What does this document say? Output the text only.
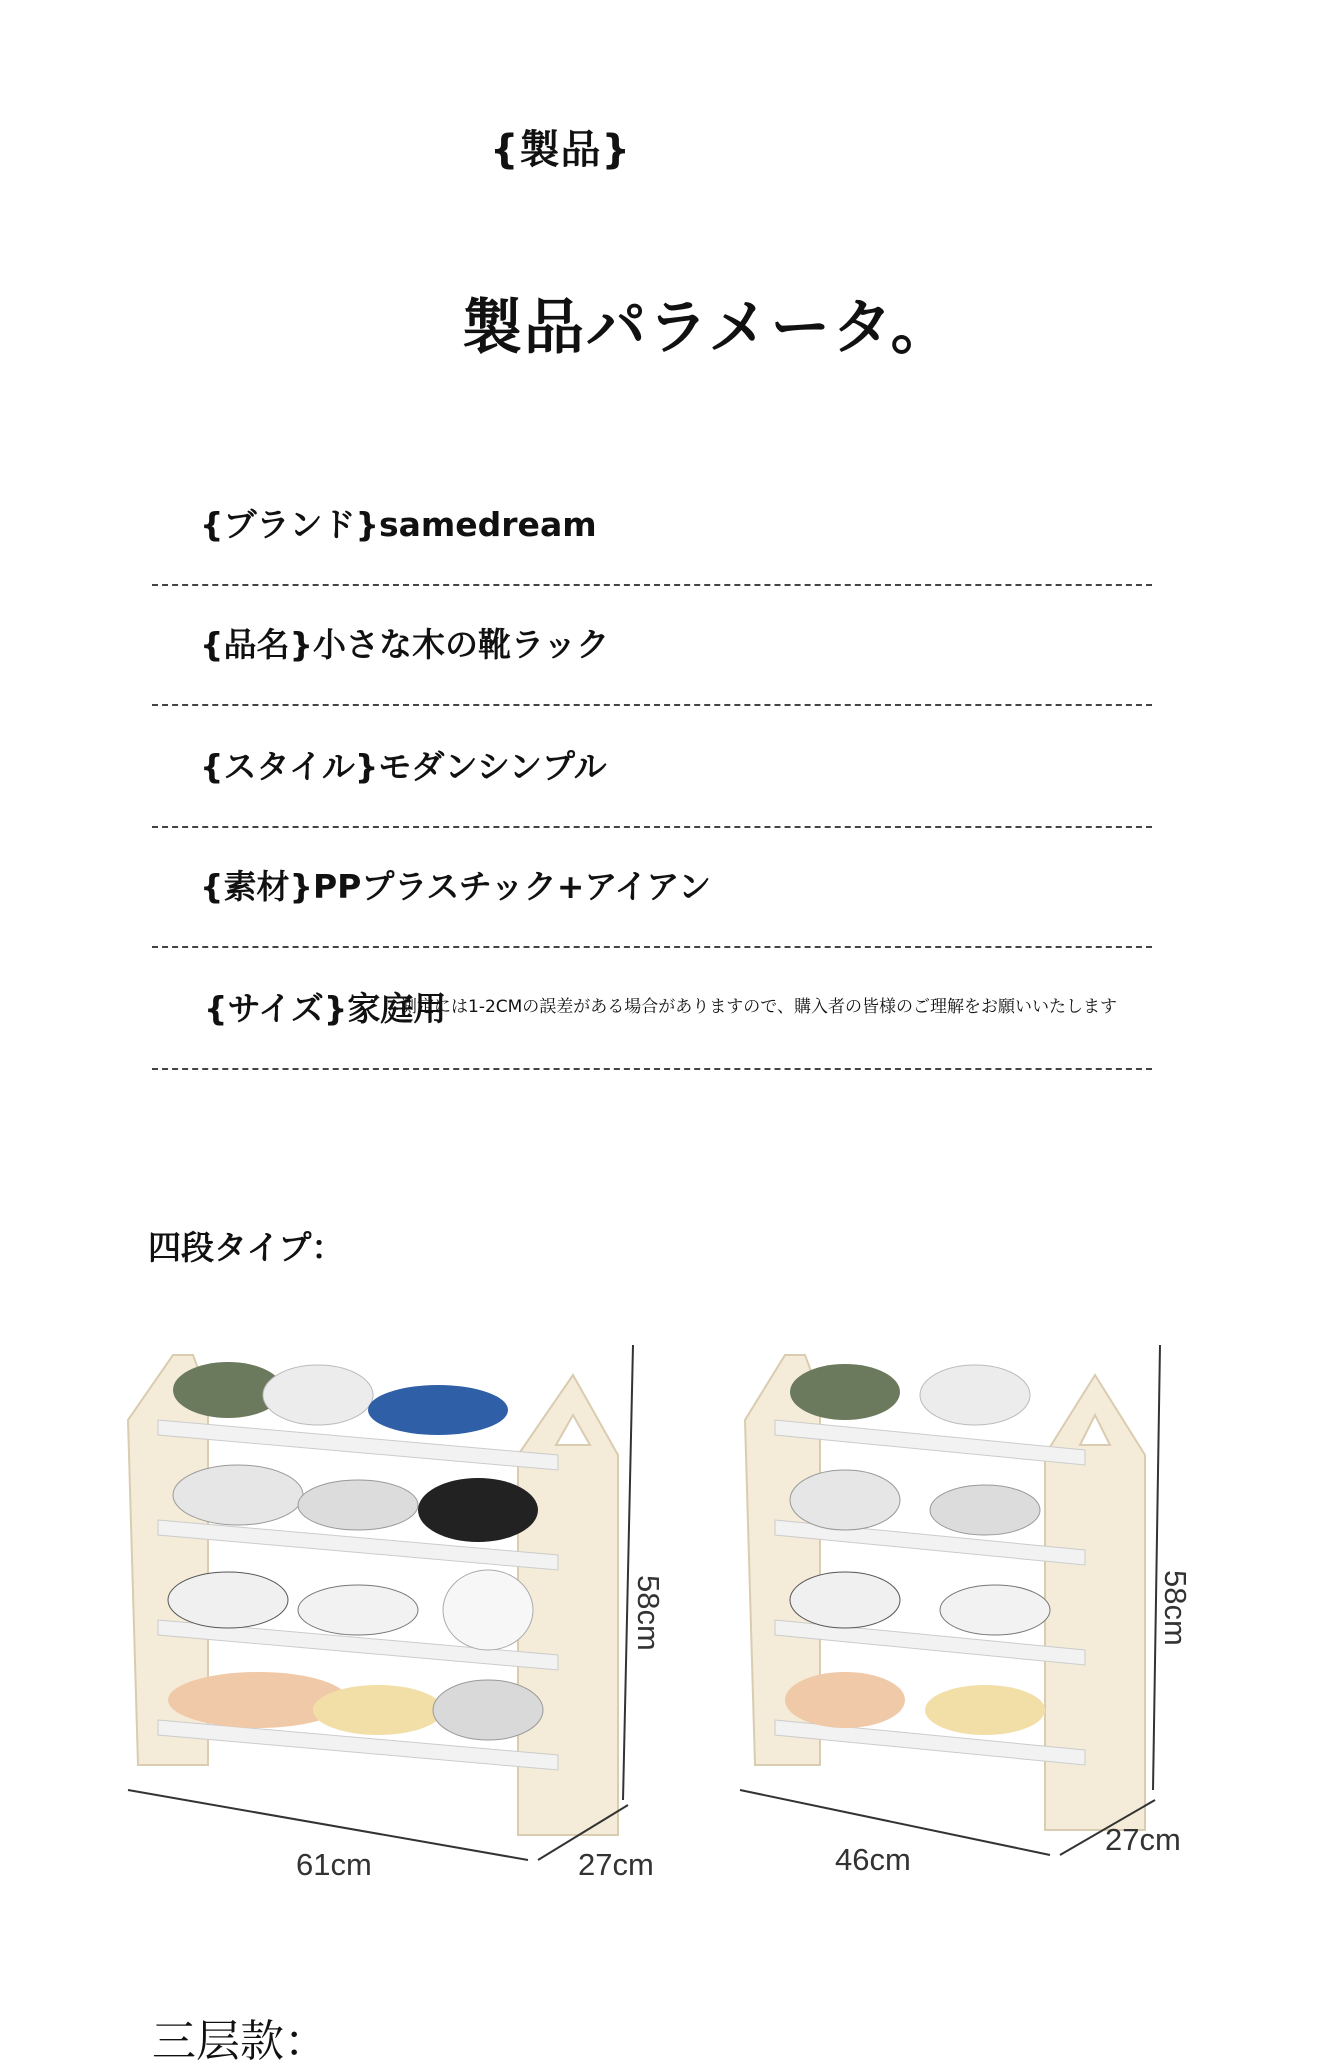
{製品}
製品パラメータ。
{ブランド}samedream
{品名}小さな木の靴ラック
{スタイル}モダンシンプル
{素材}PPプラスチック+アイアン
{サイズ}家庭用
測定には1-2CMの誤差がある場合がありますので、購入者の皆様のご理解をお願いいたします
四段タイプ：
58cm
61cm	27cm
58cm
46cm
27cm
三层款：
